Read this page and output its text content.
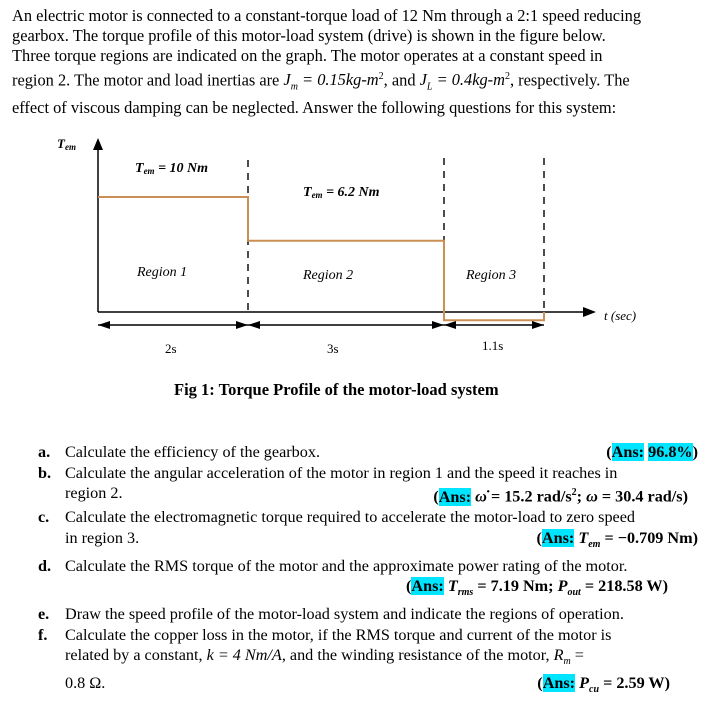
An electric motor is connected to a constant-torque load of 12 Nm through a 2:1 speed reducing
gearbox. The torque profile of this motor-load system (drive) is shown in the figure below.
Three torque regions are indicated on the graph. The motor operates at a constant speed in
region 2. The motor and load inertias are $J_m = 0.15kg-m^2$, and $J_L = 0.4kg-m^2$, respectively. The
effect of viscous damping can be neglected. Answer the following questions for this system:
Tem
t (sec)
Tem = 10 Nm
Tem = 6.2 Nm
Region 1	Region 2	Region 3
2s	3s	1.1s
Fig 1: Torque Profile of the motor-load system
a. Calculate the efficiency of the gearbox.	(Ans: 96.8%)
b. Calculate the angular acceleration of the motor in region 1 and the speed it reaches in
region 2.	(Ans: ω̇ = 15.2 rad/$s^2$; ω = 30.4 rad/s)
c. Calculate the electromagnetic torque required to accelerate the motor-load to zero speed
in region 3.	(Ans: $T_{em} = -0.709$ Nm)
d. Calculate the RMS torque of the motor and the approximate power rating of the motor.
(Ans: $T_{rms} = 7.19$ Nm; $P_{out} = 218.58$ W)
e. Draw the speed profile of the motor-load system and indicate the regions of operation.
f. Calculate the copper loss in the motor, if the RMS torque and current of the motor is
related by a constant, k = 4 Nm/A, and the winding resistance of the motor, $R_m$ =
0.8 Ω.	(Ans: $P_{cu} = 2.59$ W)
